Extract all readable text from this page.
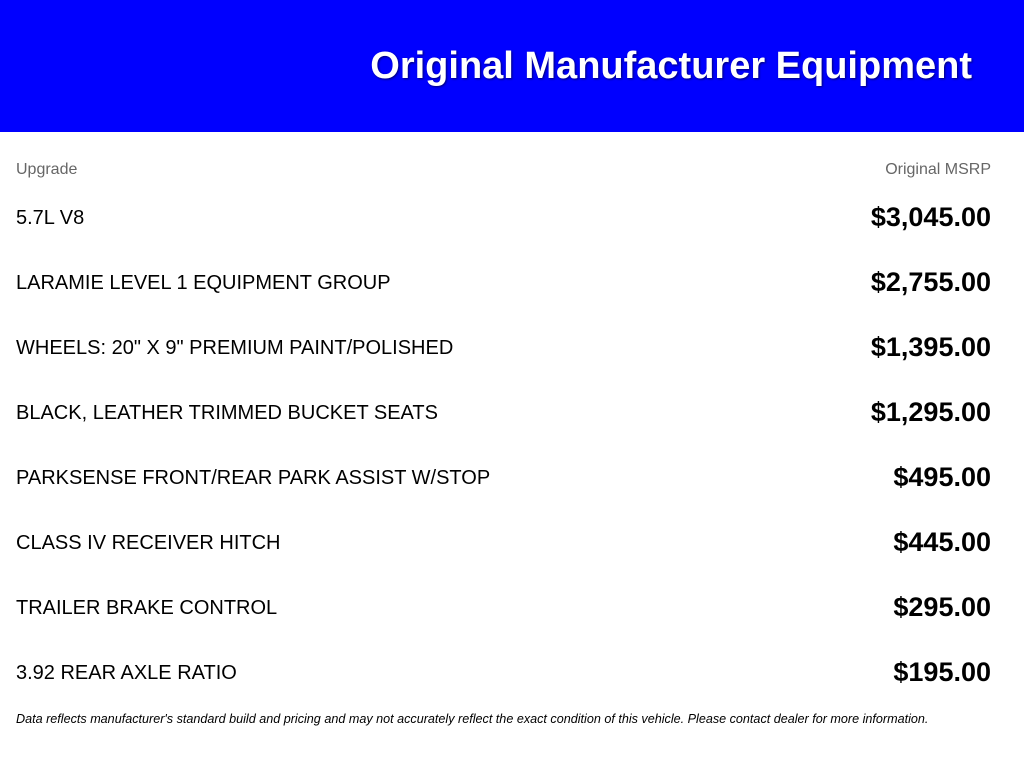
Original Manufacturer Equipment
Upgrade	Original MSRP
5.7L V8	$3,045.00
LARAMIE LEVEL 1 EQUIPMENT GROUP	$2,755.00
WHEELS: 20" X 9" PREMIUM PAINT/POLISHED	$1,395.00
BLACK, LEATHER TRIMMED BUCKET SEATS	$1,295.00
PARKSENSE FRONT/REAR PARK ASSIST W/STOP	$495.00
CLASS IV RECEIVER HITCH	$445.00
TRAILER BRAKE CONTROL	$295.00
3.92 REAR AXLE RATIO	$195.00
Data reflects manufacturer's standard build and pricing and may not accurately reflect the exact condition of this vehicle. Please contact dealer for more information.
